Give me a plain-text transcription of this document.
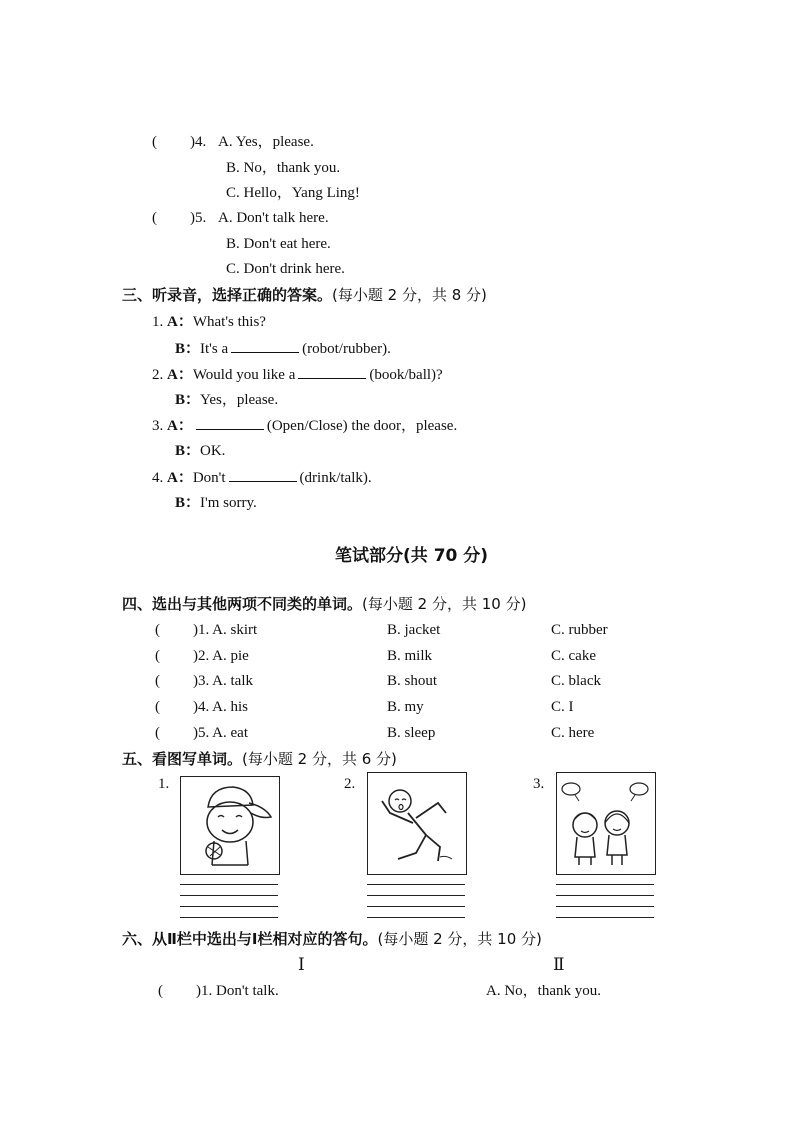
( )4. A. Yes，please.
B. No，thank you.
C. Hello，Yang Ling!
( )5. A. Don't talk here.
B. Don't eat here.
C. Don't drink here.
三、听录音，选择正确的答案。(每小题 2 分，共 8 分)
1. A：What's this?
B：It's a	(robot/rubber).
2. A：Would you like a	(book/ball)?
B：Yes，please.
3. A：	(Open/Close) the door，please.
B：OK.
4. A：Don't	(drink/talk).
B：I'm sorry.
笔试部分(共 70 分)
四、选出与其他两项不同类的单词。(每小题 2 分，共 10 分)
( )1. A. skirt	B. jacket	C. rubber
( )2. A. pie	B. milk	C. cake
( )3. A. talk	B. shout	C. black
( )4. A. his	B. my	C. I
( )5. A. eat	B. sleep	C. here
五、看图写单词。(每小题 2 分，共 6 分)
1.	2.	3.
六、从Ⅱ栏中选出与Ⅰ栏相对应的答句。(每小题 2 分，共 10 分)
Ⅰ	Ⅱ
( )1. Don't talk.	A. No，thank you.
